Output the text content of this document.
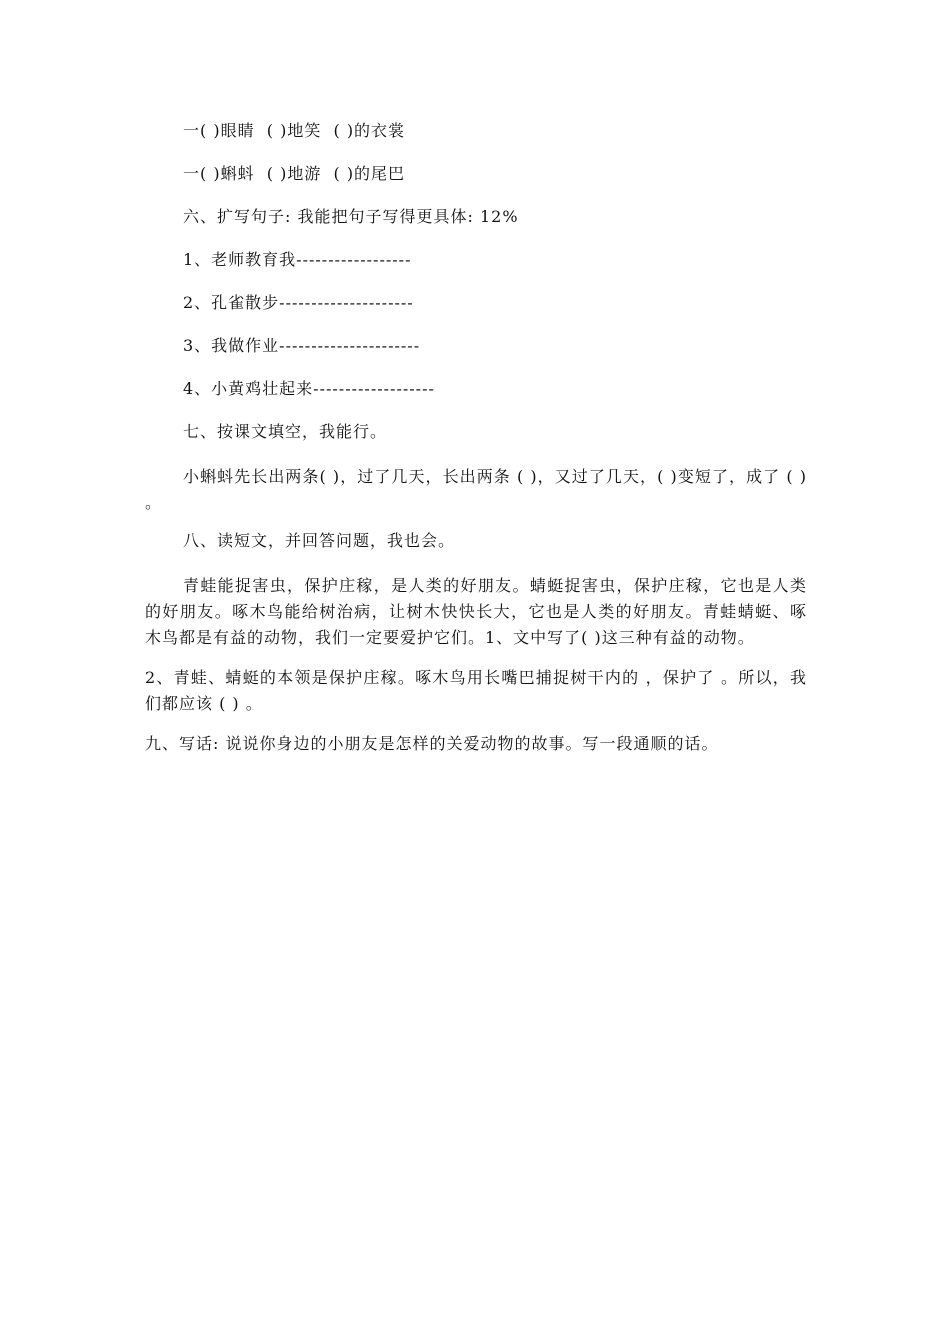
一( )眼睛  ( )地笑  ( )的衣裳
一( )蝌蚪  ( )地游  ( )的尾巴
六、扩写句子: 我能把句子写得更具体: 12%
1、老师教育我------------------
2、孔雀散步---------------------
3、我做作业----------------------
4、小黄鸡壮起来-------------------
七、按课文填空，我能行。
小蝌蚪先长出两条( )，过了几天，长出两条 ( )，又过了几天，( )变短了，成了 ( ) 。
八、读短文，并回答问题，我也会。
青蛙能捉害虫，保护庄稼，是人类的好朋友。蜻蜓捉害虫，保护庄稼，它也是人类的好朋友。啄木鸟能给树治病，让树木快快长大，它也是人类的好朋友。青蛙蜻蜓、啄木鸟都是有益的动物，我们一定要爱护它们。1、文中写了( )这三种有益的动物。
2、青蛙、蜻蜓的本领是保护庄稼。啄木鸟用长嘴巴捕捉树干内的 ，保护了 。所以，我们都应该 ( ) 。
九、写话: 说说你身边的小朋友是怎样的关爱动物的故事。写一段通顺的话。
